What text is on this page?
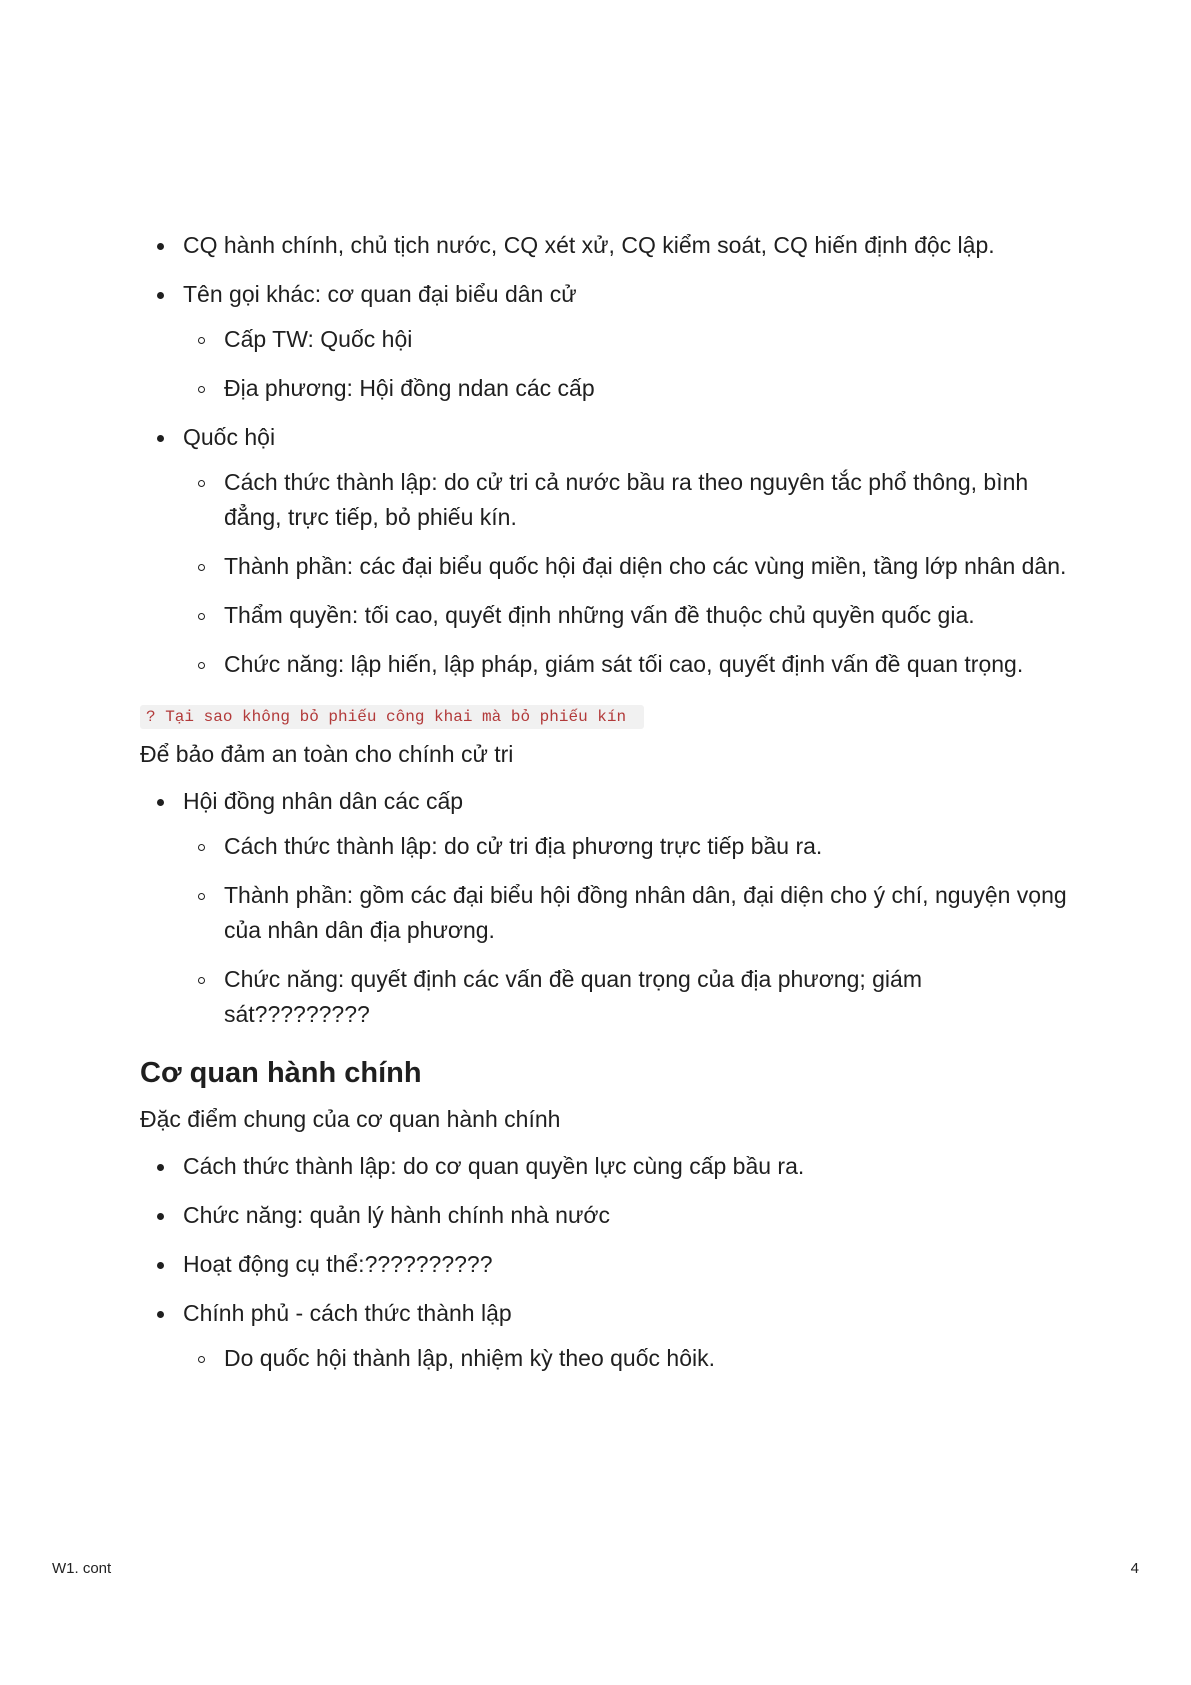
CQ hành chính, chủ tịch nước, CQ xét xử, CQ kiểm soát, CQ hiến định độc lập.
Tên gọi khác: cơ quan đại biểu dân cử
Cấp TW: Quốc hội
Địa phương: Hội đồng ndan các cấp
Quốc hội
Cách thức thành lập: do cử tri cả nước bầu ra theo nguyên tắc phổ thông, bình đẳng, trực tiếp, bỏ phiếu kín.
Thành phần: các đại biểu quốc hội đại diện cho các vùng miền, tầng lớp nhân dân.
Thẩm quyền: tối cao, quyết định những vấn đề thuộc chủ quyền quốc gia.
Chức năng: lập hiến, lập pháp, giám sát tối cao, quyết định vấn đề quan trọng.
? Tại sao không bỏ phiếu công khai mà bỏ phiếu kín

Để bảo đảm an toàn cho chính cử tri

Hội đồng nhân dân các cấp
Cách thức thành lập: do cử tri địa phương trực tiếp bầu ra.
Thành phần: gồm các đại biểu hội đồng nhân dân, đại diện cho ý chí, nguyện vọng của nhân dân địa phương.
Chức năng: quyết định các vấn đề quan trọng của địa phương; giám sát?????????
Cơ quan hành chính

Đặc điểm chung của cơ quan hành chính

Cách thức thành lập: do cơ quan quyền lực cùng cấp bầu ra.
Chức năng: quản lý hành chính nhà nước
Hoạt động cụ thể:??????????
Chính phủ - cách thức thành lập
Do quốc hội thành lập, nhiệm kỳ theo quốc hôik.
W1. cont	4
